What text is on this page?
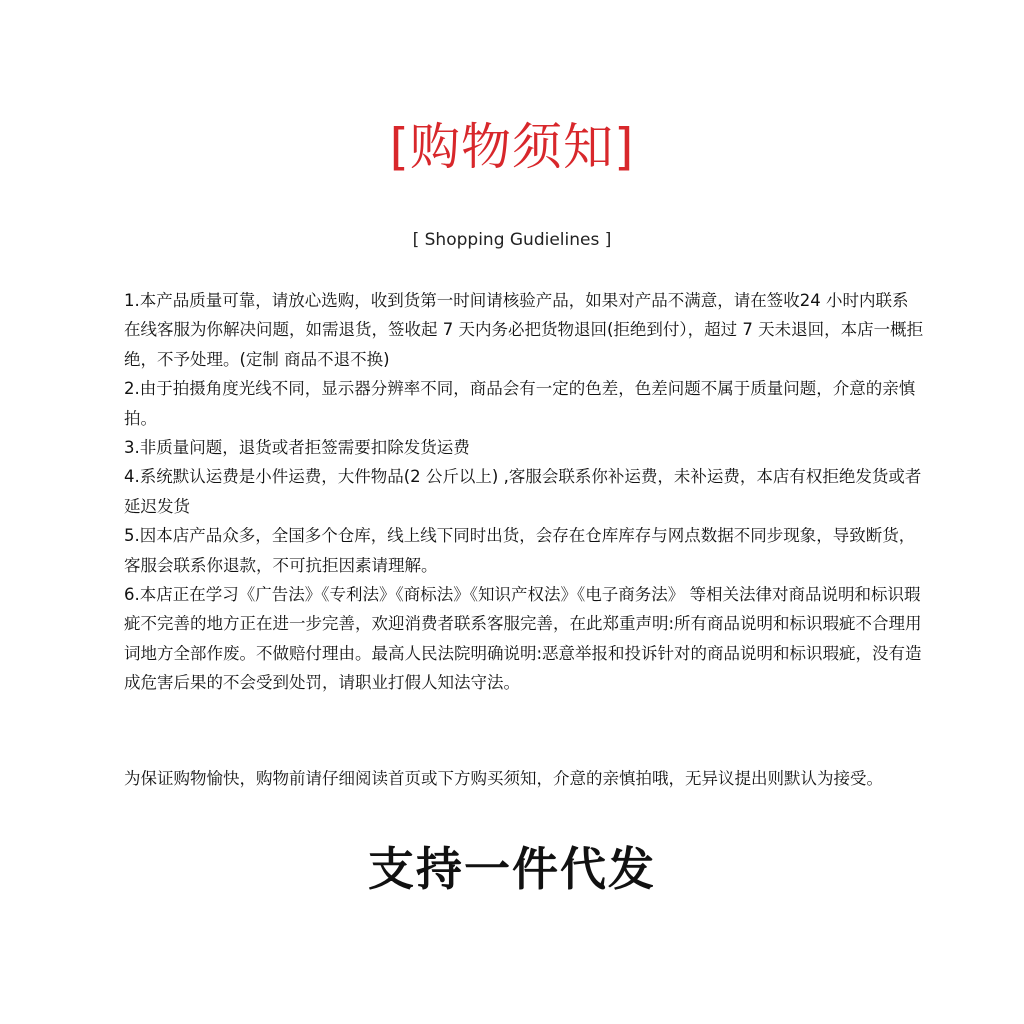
[购物须知]

[ Shopping Gudielines ]

1.本产品质量可靠，请放心选购，收到货第一时间请核验产品，如果对产品不满意，请在签收24 小时内联系在线客服为你解决问题，如需退货，签收起 7 天内务必把货物退回(拒绝到付），超过 7 天未退回，本店一概拒绝，不予处理。(定制 商品不退不换)
2.由于拍摄角度光线不同，显示器分辨率不同，商品会有一定的色差，色差问题不属于质量问题，介意的亲慎拍。
3.非质量问题，退货或者拒签需要扣除发货运费
4.系统默认运费是小件运费，大件物品(2 公斤以上) ,客服会联系你补运费，未补运费，本店有权拒绝发货或者延迟发货
5.因本店产品众多，全国多个仓库，线上线下同时出货，会存在仓库库存与网点数据不同步现象，导致断货，客服会联系你退款，不可抗拒因素请理解。
6.本店正在学习《广告法》《专利法》《商标法》《知识产权法》《电子商务法》 等相关法律对商品说明和标识瑕疵不完善的地方正在进一步完善，欢迎消费者联系客服完善，在此郑重声明:所有商品说明和标识瑕疵不合理用词地方全部作废。不做赔付理由。最高人民法院明确说明:恶意举报和投诉针对的商品说明和标识瑕疵，没有造成危害后果的不会受到处罚，请职业打假人知法守法。

为保证购物愉快，购物前请仔细阅读首页或下方购买须知，介意的亲慎拍哦，无异议提出则默认为接受。

支持一件代发
